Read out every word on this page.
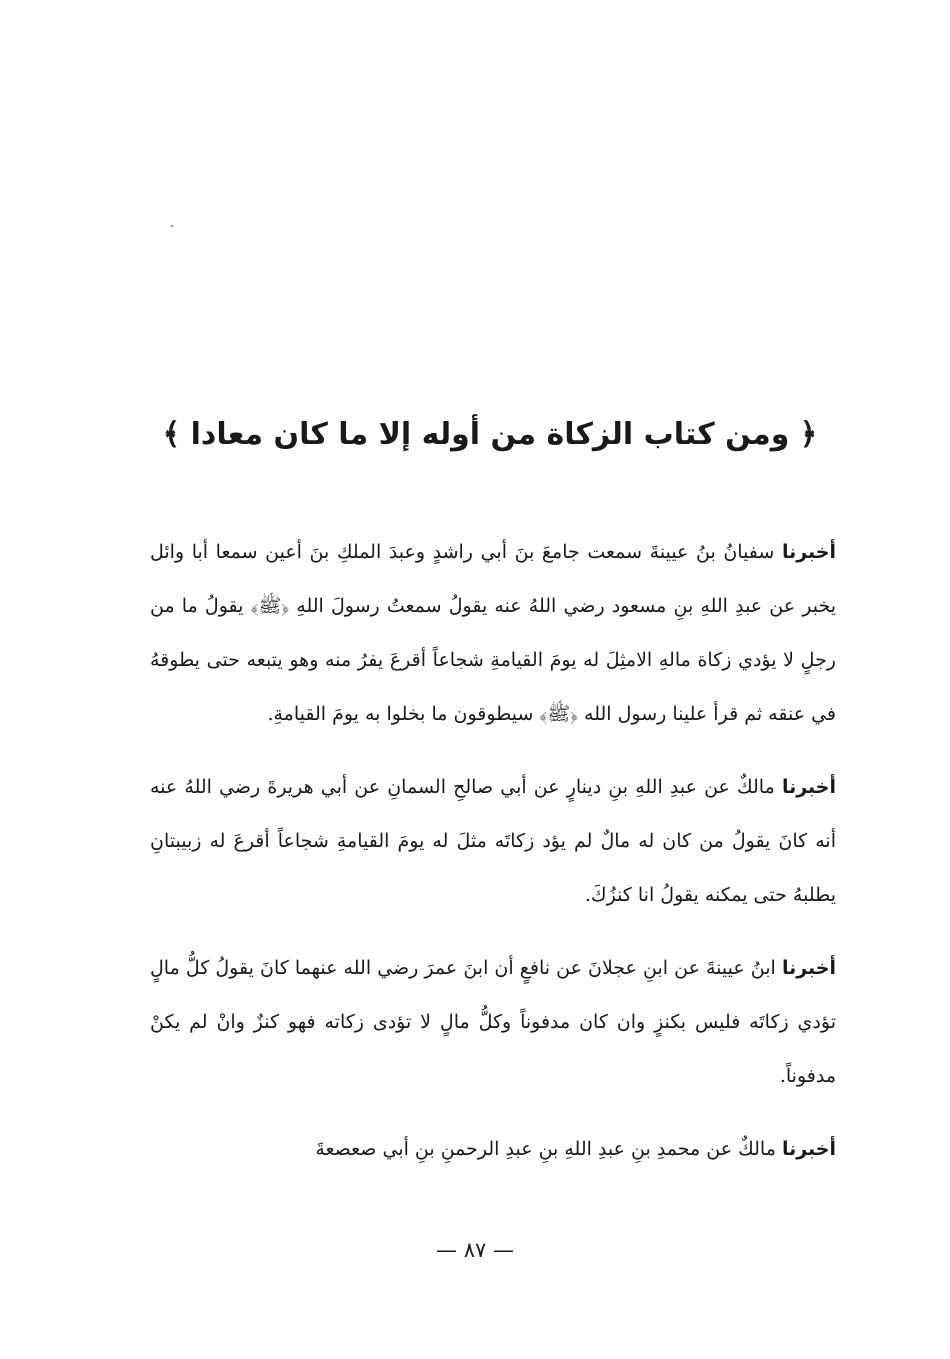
﴿ ومن كتاب الزكاة من أوله إلا ما كان معادا ﴾

أخبرنا سفيانُ بنُ عيينةَ سمعت جامعَ بنَ أبي راشدٍ وعبدَ الملكِ بنَ أعين سمعا أبا وائل يخبر عن عبدِ اللهِ بنِ مسعود رضي اللهُ عنه يقولُ سمعتُ رسولَ اللهِ ﴿ﷺ﴾ يقولُ ما من رجلٍ لا يؤدي زكاة مالهِ الامثِلَ له يومَ القيامةِ شجاعاً أقرعَ يفرُ منه وهو يتبعه حتى يطوقهُ في عنقه ثم قرأ علينا رسول الله ﴿ﷺ﴾ سيطوقون ما بخلوا به يومَ القيامةِ.

أخبرنا مالكٌ عن عبدِ اللهِ بنِ دينارٍ عن أبي صالحِ السمانِ عن أبي هريرةَ رضي اللهُ عنه أنه كانَ يقولُ من كان له مالٌ لم يؤد زكاتَه مثلَ له يومَ القيامةِ شجاعاً أقرعَ له زبيبتانِ يطلبهُ حتى يمكنه يقولُ انا كنزُكَ.

أخبرنا ابنُ عيينةَ عن ابنِ عجلانَ عن نافعٍ أن ابنَ عمرَ رضي الله عنهما كانَ يقولُ كلُّ مالٍ تؤدي زكاتَه فليس بكنزٍ وان كان مدفوناً وكلُّ مالٍ لا تؤدى زكاته فهو كنزٌ وانْ لم يكنْ مدفوناً.

أخبرنا مالكٌ عن محمدِ بنِ عبدِ اللهِ بنِ عبدِ الرحمنِ بنِ أبي صعصعةَ

— ٨٧ —
